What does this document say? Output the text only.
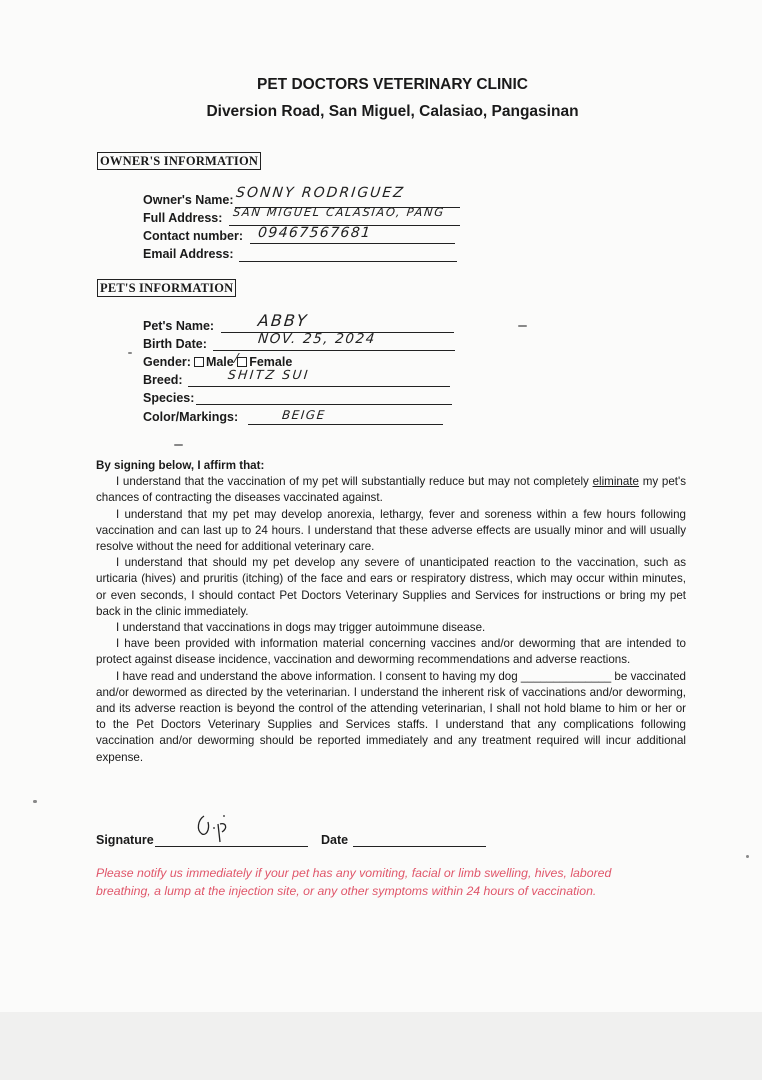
PET DOCTORS VETERINARY CLINIC
Diversion Road, San Miguel, Calasiao, Pangasinan
OWNER'S INFORMATION
Owner's Name: SONNY RODRIGUEZ
Full Address: SAN MIGUEL CALASIAO, PANG
Contact number: 09467567681
Email Address:
PET'S INFORMATION
Pet's Name:	ABBY
Birth Date:	NOV. 25, 2024
Gender: Male ⁄ Female
Breed:	SHITZ SUI
Species:
Color/Markings:	BEIGE

By signing below, I affirm that:

I understand that the vaccination of my pet will substantially reduce but may not completely eliminate my pet's chances of contracting the diseases vaccinated against.

I understand that my pet may develop anorexia, lethargy, fever and soreness within a few hours following vaccination and can last up to 24 hours. I understand that these adverse effects are usually minor and will usually resolve without the need for additional veterinary care.

I understand that should my pet develop any severe of unanticipated reaction to the vaccination, such as urticaria (hives) and pruritis (itching) of the face and ears or respiratory distress, which may occur within minutes, or even seconds, I should contact Pet Doctors Veterinary Supplies and Services for instructions or bring my pet back in the clinic immediately.

I understand that vaccinations in dogs may trigger autoimmune disease.

I have been provided with information material concerning vaccines and/or deworming that are intended to protect against disease incidence, vaccination and deworming recommendations and adverse reactions.

I have read and understand the above information. I consent to having my dog ______________ be vaccinated and/or dewormed as directed by the veterinarian. I understand the inherent risk of vaccinations and/or deworming, and its adverse reaction is beyond the control of the attending veterinarian, I shall not hold blame to him or her or to the Pet Doctors Veterinary Supplies and Services staffs. I understand that any complications following vaccination and/or deworming should be reported immediately and any treatment required will incur additional expense.

Signature	Date
Please notify us immediately if your pet has any vomiting, facial or limb swelling, hives, labored breathing, a lump at the injection site, or any other symptoms within 24 hours of vaccination.
